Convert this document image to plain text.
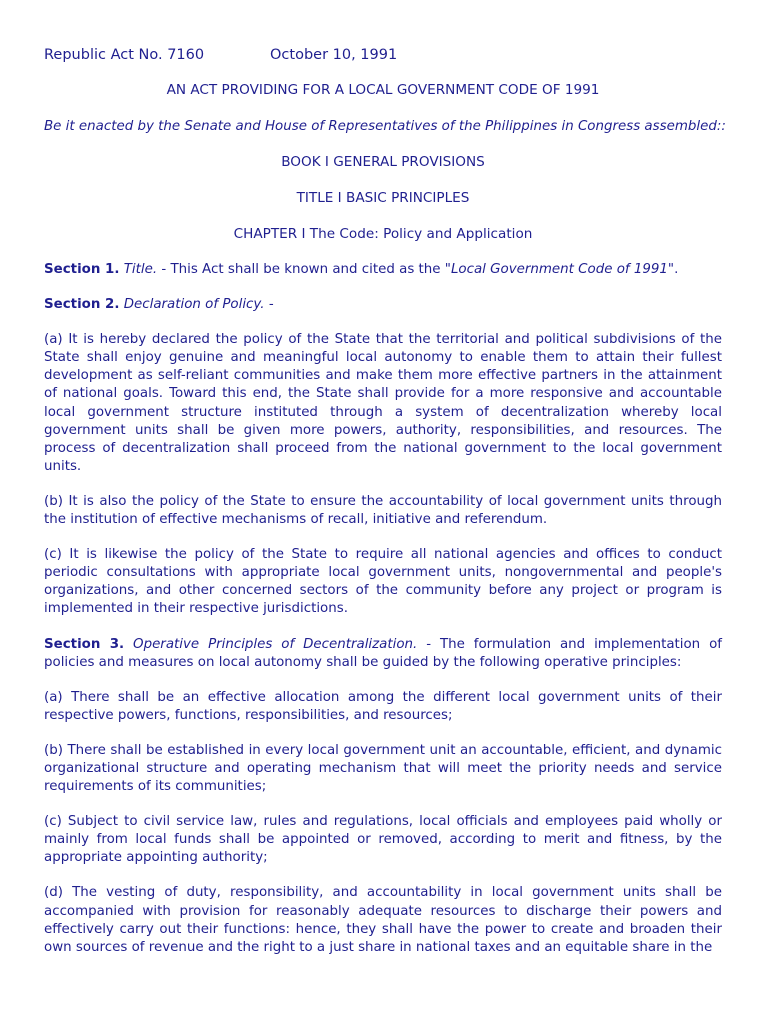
Republic Act No. 7160	October 10, 1991
AN ACT PROVIDING FOR A LOCAL GOVERNMENT CODE OF 1991
Be it enacted by the Senate and House of Representatives of the Philippines in Congress assembled::
BOOK I GENERAL PROVISIONS
TITLE I BASIC PRINCIPLES
CHAPTER I The Code: Policy and Application
Section 1. Title. - This Act shall be known and cited as the "Local Government Code of 1991".
Section 2. Declaration of Policy. -
(a) It is hereby declared the policy of the State that the territorial and political subdivisions of the State shall enjoy genuine and meaningful local autonomy to enable them to attain their fullest development as self-reliant communities and make them more effective partners in the attainment of national goals. Toward this end, the State shall provide for a more responsive and accountable local government structure instituted through a system of decentralization whereby local government units shall be given more powers, authority, responsibilities, and resources. The process of decentralization shall proceed from the national government to the local government units.
(b) It is also the policy of the State to ensure the accountability of local government units through the institution of effective mechanisms of recall, initiative and referendum.
(c) It is likewise the policy of the State to require all national agencies and offices to conduct periodic consultations with appropriate local government units, nongovernmental and people's organizations, and other concerned sectors of the community before any project or program is implemented in their respective jurisdictions.
Section 3. Operative Principles of Decentralization. - The formulation and implementation of policies and measures on local autonomy shall be guided by the following operative principles:
(a) There shall be an effective allocation among the different local government units of their respective powers, functions, responsibilities, and resources;
(b) There shall be established in every local government unit an accountable, efficient, and dynamic organizational structure and operating mechanism that will meet the priority needs and service requirements of its communities;
(c) Subject to civil service law, rules and regulations, local officials and employees paid wholly or mainly from local funds shall be appointed or removed, according to merit and fitness, by the appropriate appointing authority;
(d) The vesting of duty, responsibility, and accountability in local government units shall be accompanied with provision for reasonably adequate resources to discharge their powers and effectively carry out their functions: hence, they shall have the power to create and broaden their own sources of revenue and the right to a just share in national taxes and an equitable share in the
